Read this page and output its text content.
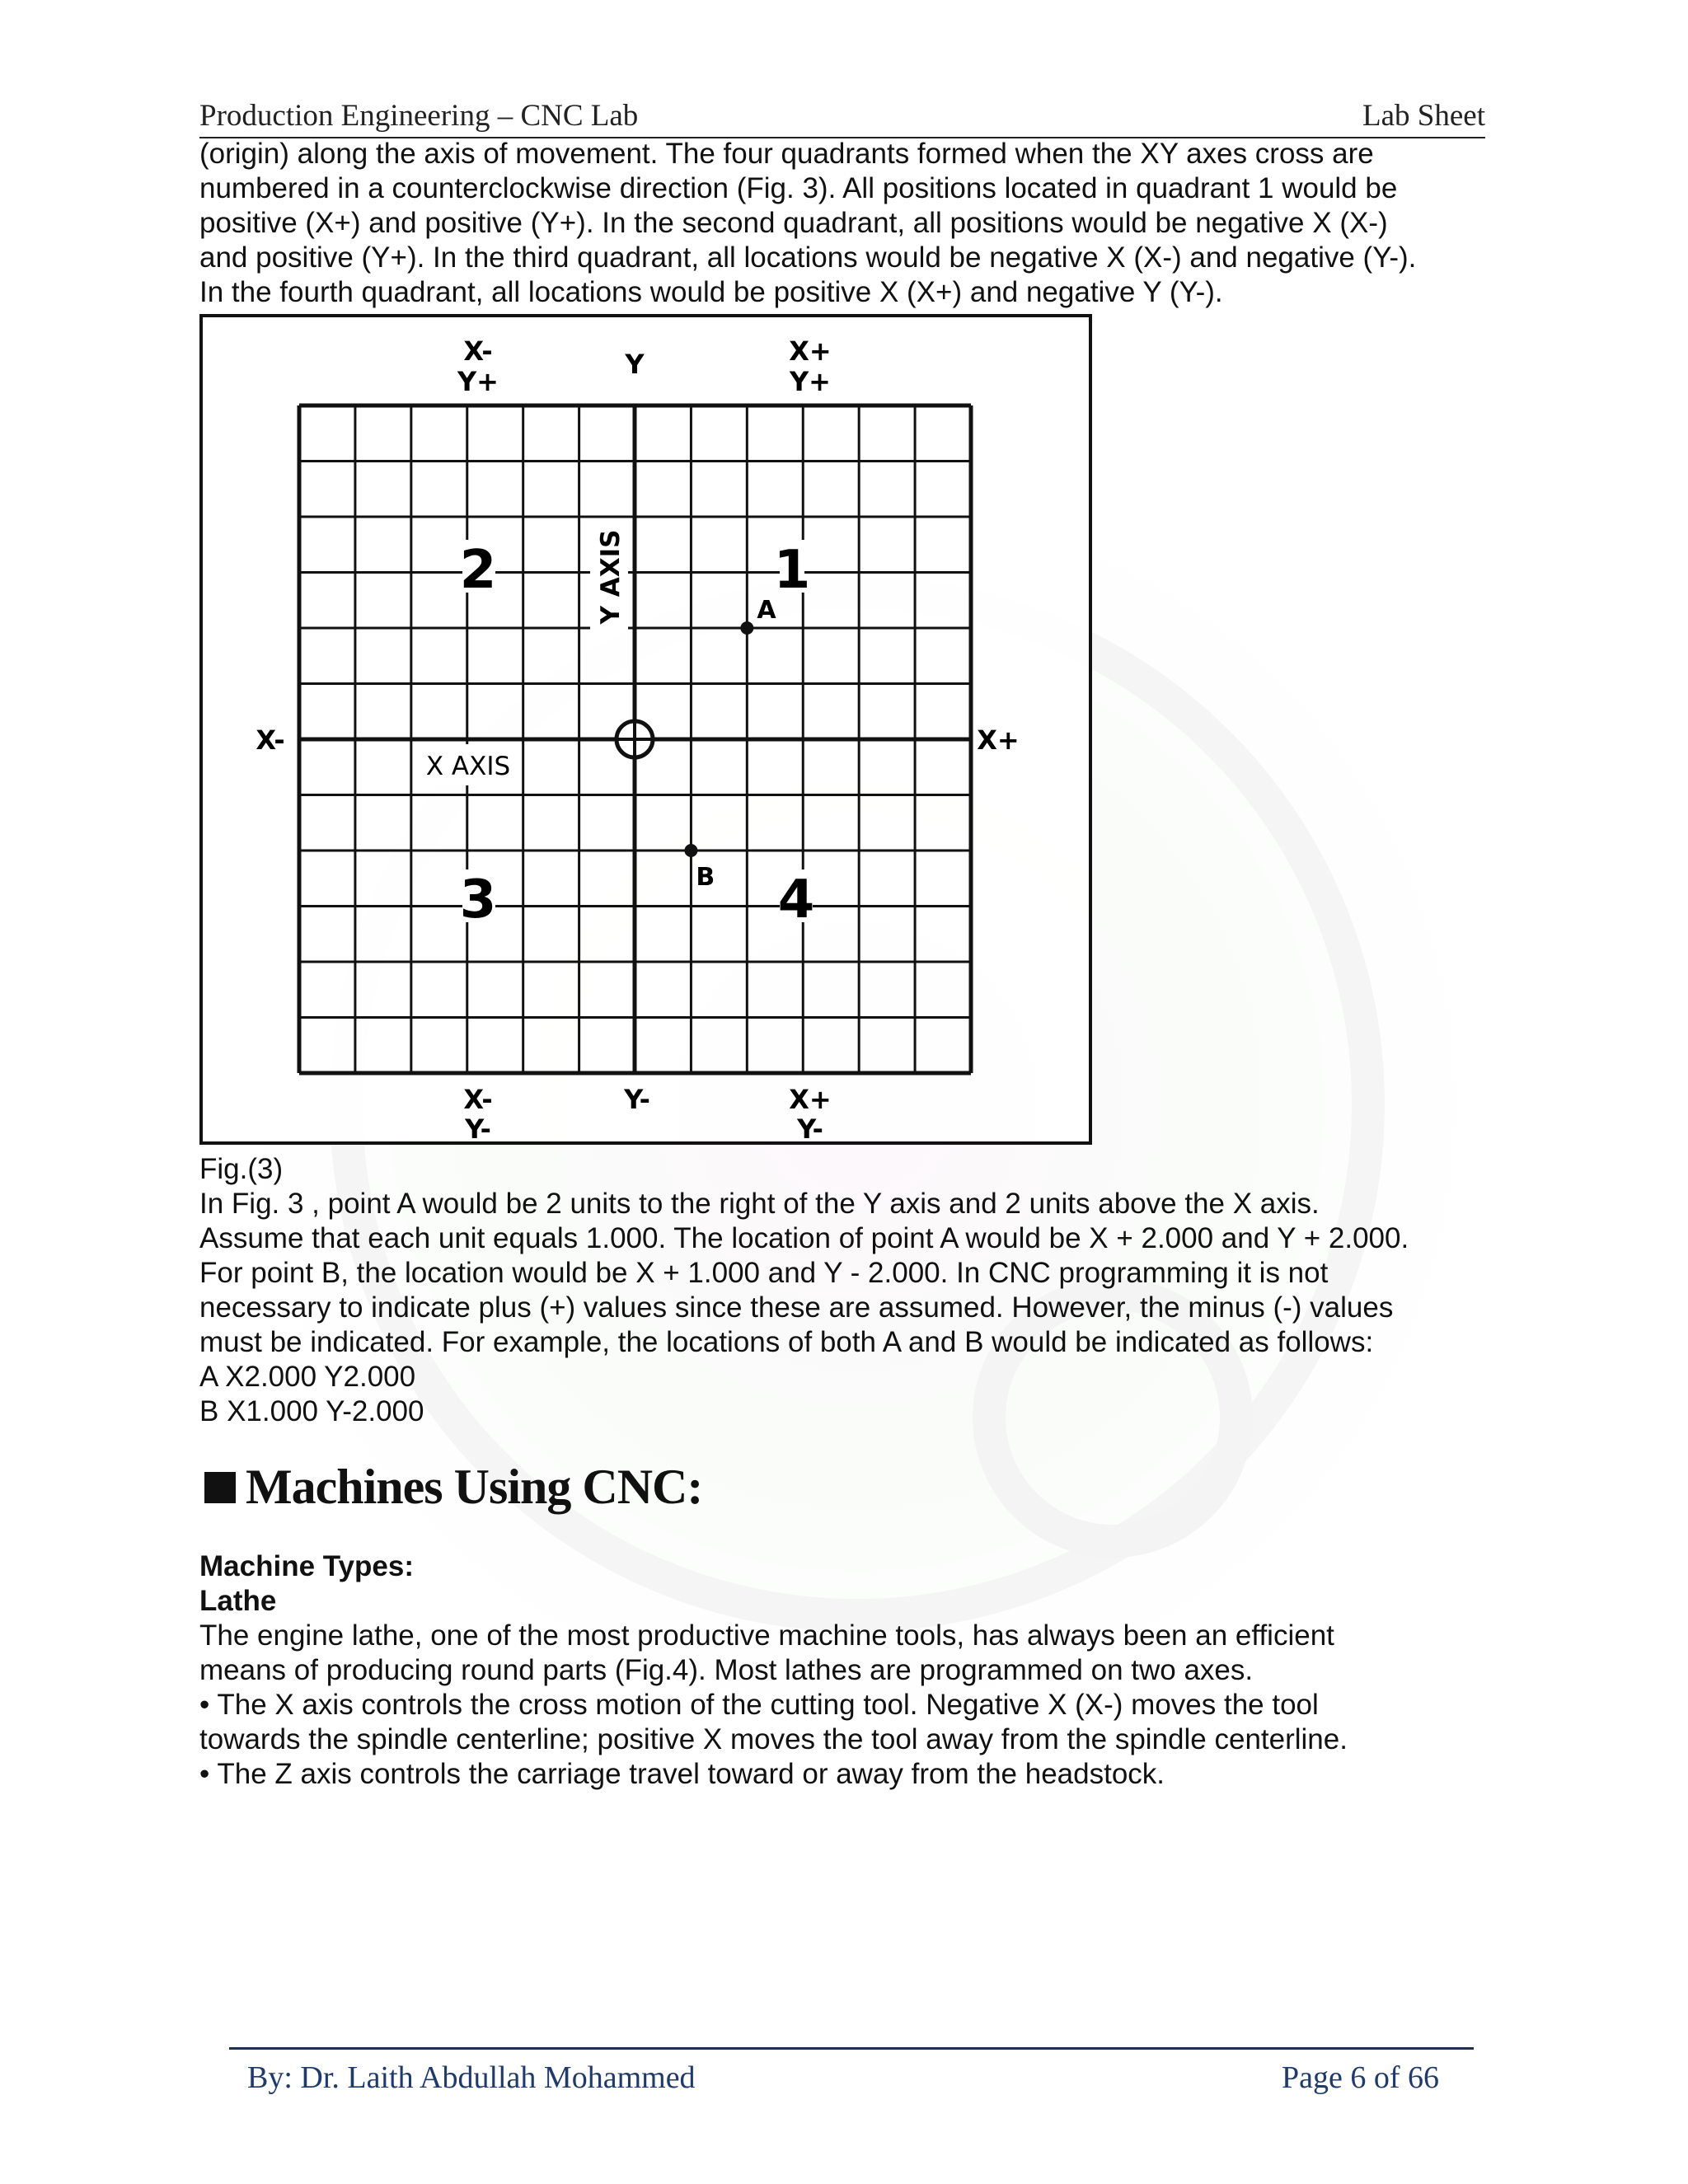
Production Engineering – CNC Lab	Lab Sheet

(origin) along the axis of movement. The four quadrants formed when the XY axes cross are

numbered in a counterclockwise direction (Fig. 3). All positions located in quadrant 1 would be

positive (X+) and positive (Y+). In the second quadrant, all positions would be negative X (X-)

and positive (Y+). In the third quadrant, all locations would be negative X (X-) and negative (Y-).

In the fourth quadrant, all locations would be positive X (X+) and negative Y (Y-).

X-
Y+
Y	X+
Y+
X-	X+
X-
Y-
Y-	X+
Y-
X AXIS
Y AXIS	1
2
3	4
A
B
Fig.(3)

In Fig. 3 , point A would be 2 units to the right of the Y axis and 2 units above the X axis.

Assume that each unit equals 1.000. The location of point A would be X + 2.000 and Y + 2.000.

For point B, the location would be X + 1.000 and Y - 2.000. In CNC programming it is not

necessary to indicate plus (+) values since these are assumed. However, the minus (-) values

must be indicated. For example, the locations of both A and B would be indicated as follows:

A X2.000 Y2.000

B X1.000 Y-2.000

Machines Using CNC:

Machine Types:

Lathe

The engine lathe, one of the most productive machine tools, has always been an efficient

means of producing round parts (Fig.4). Most lathes are programmed on two axes.

• The X axis controls the cross motion of the cutting tool. Negative X (X-) moves the tool

towards the spindle centerline; positive X moves the tool away from the spindle centerline.

• The Z axis controls the carriage travel toward or away from the headstock.

By: Dr. Laith Abdullah Mohammed	Page 6 of 66
